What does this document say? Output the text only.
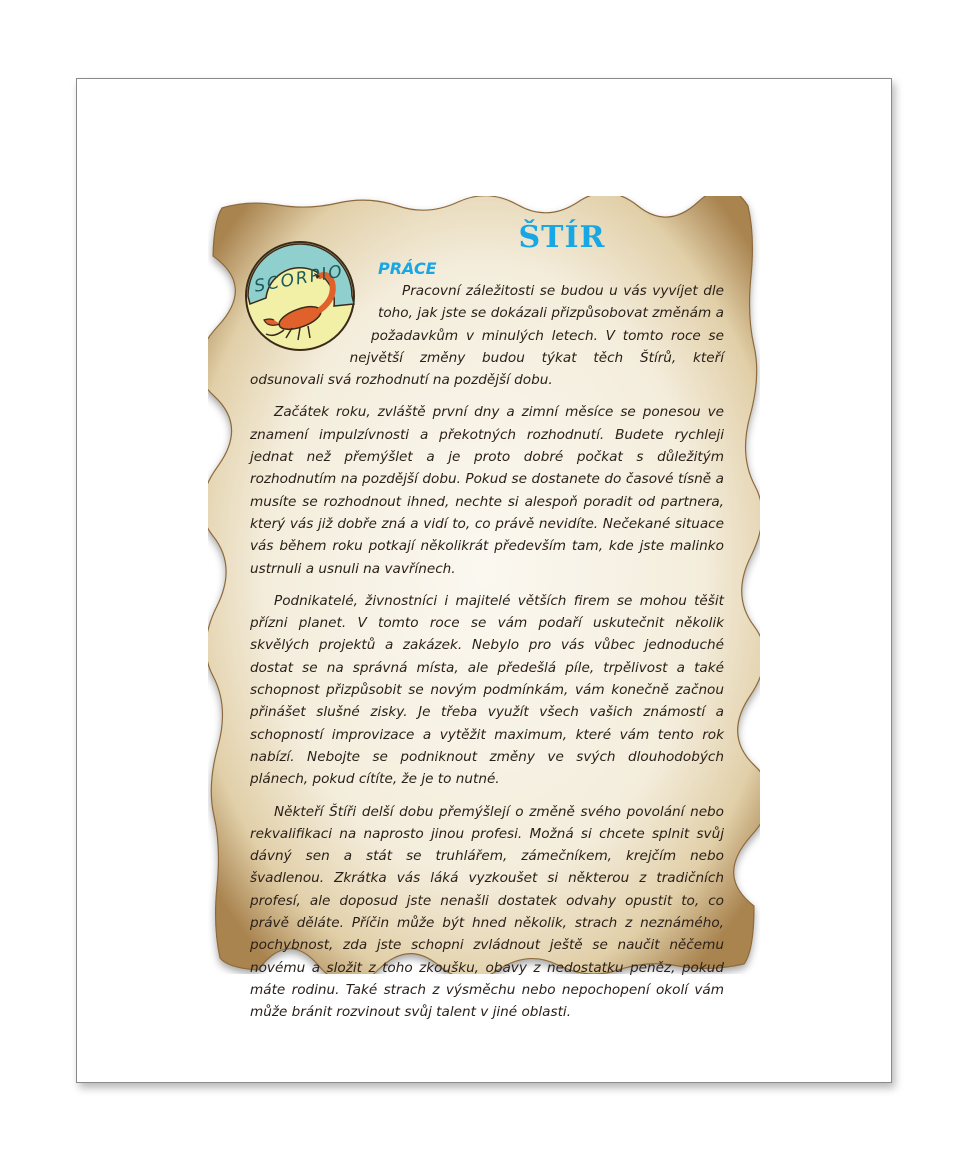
SCORPIO
ŠTÍR
PRÁCE

Pracovní záležitosti se budou u vás vyvíjet dle toho, jak jste se dokázali přizpůsobovat změnám a požadavkům v minulých letech. V tomto roce se největší změny budou týkat těch Štírů, kteří odsunovali svá rozhodnutí na pozdější dobu.

Začátek roku, zvláště první dny a zimní měsíce se ponesou ve znamení impulzívnosti a překotných rozhodnutí. Budete rychleji jednat než přemýšlet a je proto dobré počkat s důležitým rozhodnutím na pozdější dobu. Pokud se dostanete do časové tísně a musíte se rozhodnout ihned, nechte si alespoň poradit od partnera, který vás již dobře zná a vidí to, co právě nevidíte. Nečekané situace vás během roku potkají několikrát především tam, kde jste malinko ustrnuli a usnuli na vavřínech.

Podnikatelé, živnostníci i majitelé větších firem se mohou těšit přízni planet. V tomto roce se vám podaří uskutečnit několik skvělých projektů a zakázek. Nebylo pro vás vůbec jednoduché dostat se na správná místa, ale předešlá píle, trpělivost a také schopnost přizpůsobit se novým podmínkám, vám konečně začnou přinášet slušné zisky. Je třeba využít všech vašich známostí a schopností improvizace a vytěžit maximum, které vám tento rok nabízí. Nebojte se podniknout změny ve svých dlouhodobých plánech, pokud cítíte, že je to nutné.

Někteří Štíři delší dobu přemýšlejí o změně svého povolání nebo rekvalifikaci na naprosto jinou profesi. Možná si chcete splnit svůj dávný sen a stát se truhlářem, zámečníkem, krejčím nebo švadlenou. Zkrátka vás láká vyzkoušet si některou z tradičních profesí, ale doposud jste nenašli dostatek odvahy opustit to, co právě děláte. Příčin může být hned několik, strach z neznámého, pochybnost, zda jste schopni zvládnout ještě se naučit něčemu novému a složit z toho zkoušku, obavy z nedostatku peněz, pokud máte rodinu. Také strach z výsměchu nebo nepochopení okolí vám může bránit rozvinout svůj talent v jiné oblasti.
